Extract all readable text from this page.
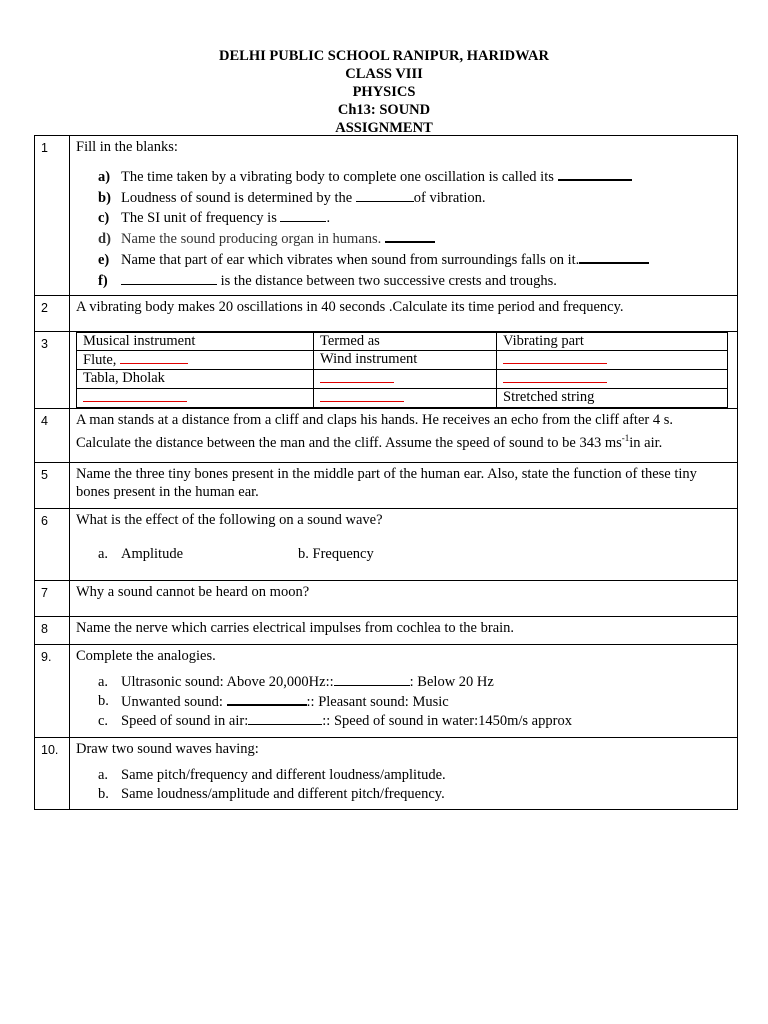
DELHI PUBLIC SCHOOL RANIPUR, HARIDWAR
CLASS VIII
PHYSICS
Ch13: SOUND
ASSIGNMENT
1	Fill in the blanks:
a) The time taken by a vibrating body to complete one oscillation is called its
b) Loudness of sound is determined by the	of vibration.
c) The SI unit of frequency is	.
d) Name the sound producing organ in humans.
e) Name that part of ear which vibrates when sound from surroundings falls on it.
f)	is the distance between two successive crests and troughs.

2	A vibrating body makes 20 oscillations in 40 seconds .Calculate its time period and frequency.
3	Musical instrument	Termed as	Vibrating part
Flute,	Wind instrument	
Tabla, Dholak		
		Stretched string

4	A man stands at a distance from a cliff and claps his hands. He receives an echo from the cliff after 4 s. Calculate the distance between the man and the cliff. Assume the speed of sound to be 343 $ms^{-1}in$ air.
5	Name the three tiny bones present in the middle part of the human ear. Also, state the function of these tiny bones present in the human ear.
6	What is the effect of the following on a sound wave?
a. Amplitude	b. Frequency

7	Why a sound cannot be heard on moon?
8	Name the nerve which carries electrical impulses from cochlea to the brain.
9.	Complete the analogies.
a. Ultrasonic sound: Above 20,000Hz::	: Below 20 Hz
b. Unwanted sound:	:: Pleasant sound: Music
c. Speed of sound in air:	:: Speed of sound in water:1450m/s approx

10.	Draw two sound waves having:
a. Same pitch/frequency and different loudness/amplitude.
b. Same loudness/amplitude and different pitch/frequency.
